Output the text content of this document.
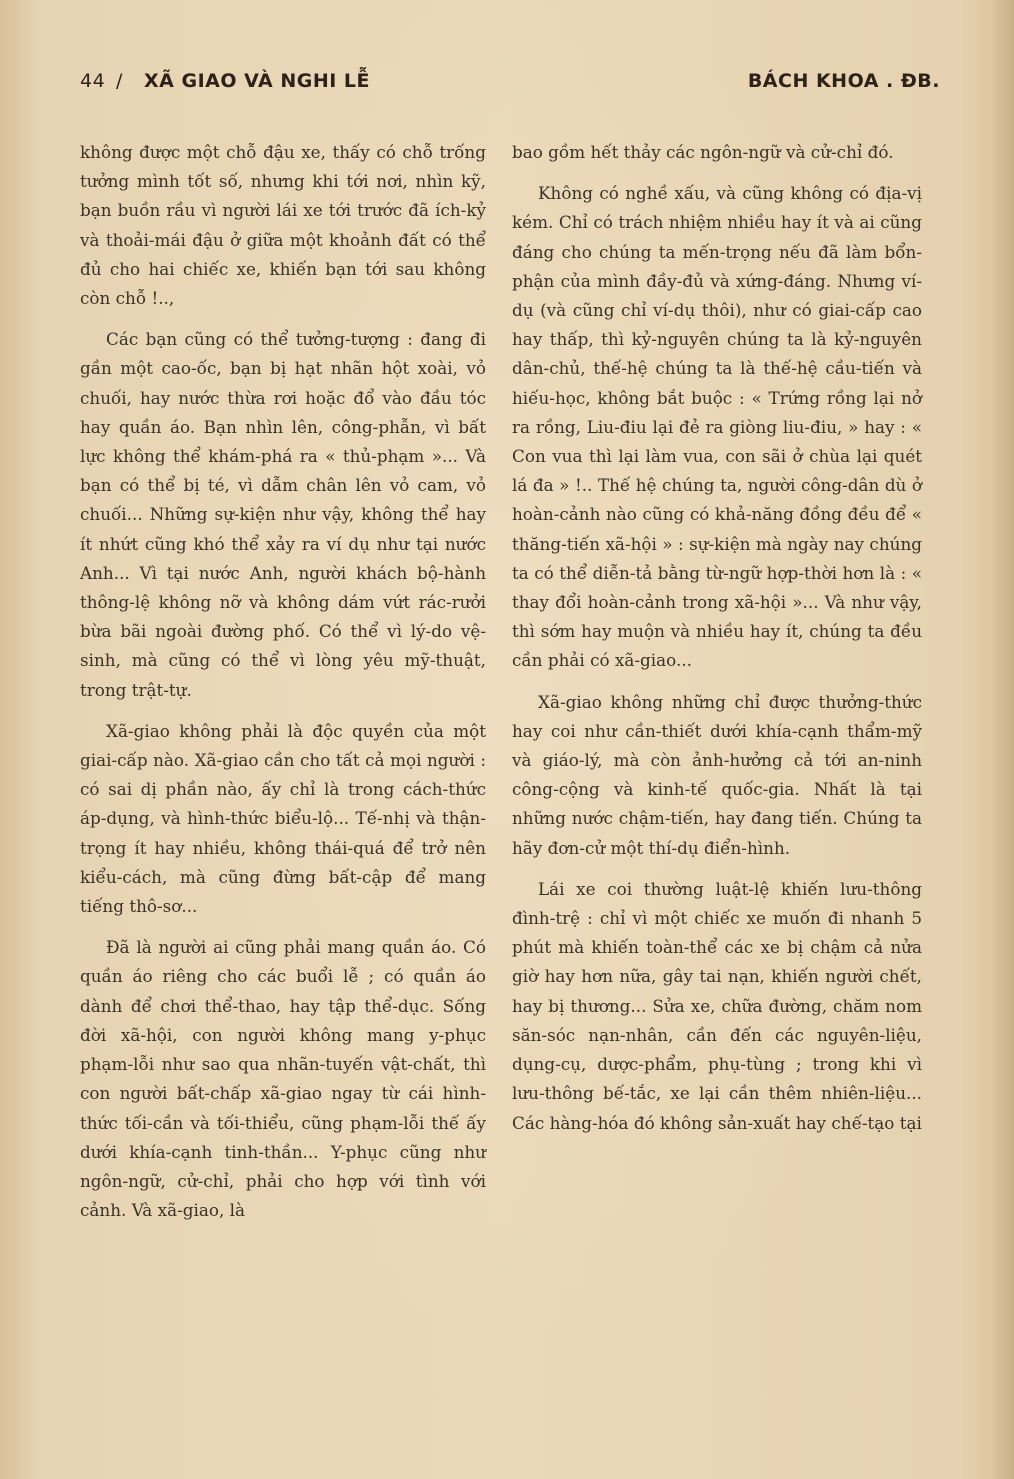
44 / XÃ GIAO VÀ NGHI LỄ	BÁCH KHOA . ĐB.

không được một chỗ đậu xe, thấy có chỗ trống tưởng mình tốt số, nhưng khi tới nơi, nhìn kỹ, bạn buồn rầu vì người lái xe tới trước đã ích-kỷ và thoải-mái đậu ở giữa một khoảnh đất có thể đủ cho hai chiếc xe, khiến bạn tới sau không còn chỗ !..,

Các bạn cũng có thể tưởng-tượng : đang đi gần một cao-ốc, bạn bị hạt nhãn hột xoài, vỏ chuối, hay nước thừa rơi hoặc đổ vào đầu tóc hay quần áo. Bạn nhìn lên, công-phẫn, vì bất lực không thể khám-phá ra « thủ-phạm »... Và bạn có thể bị té, vì dẫm chân lên vỏ cam, vỏ chuối... Những sự-kiện như vậy, không thể hay ít nhứt cũng khó thể xảy ra ví dụ như tại nước Anh... Vì tại nước Anh, người khách bộ-hành thông-lệ không nỡ và không dám vứt rác-rưởi bừa bãi ngoài đường phố. Có thể vì lý-do vệ-sinh, mà cũng có thể vì lòng yêu mỹ-thuật, trong trật-tự.

Xã-giao không phải là độc quyền của một giai-cấp nào. Xã-giao cần cho tất cả mọi người : có sai dị phần nào, ấy chỉ là trong cách-thức áp-dụng, và hình-thức biểu-lộ... Tế-nhị và thận-trọng ít hay nhiều, không thái-quá để trở nên kiểu-cách, mà cũng đừng bất-cập để mang tiếng thô-sơ...

Đã là người ai cũng phải mang quần áo. Có quần áo riêng cho các buổi lễ ; có quần áo dành để chơi thể-thao, hay tập thể-dục. Sống đời xã-hội, con người không mang y-phục phạm-lỗi như sao qua nhãn-tuyến vật-chất, thì con người bất-chấp xã-giao ngay từ cái hình-thức tối-cần và tối-thiểu, cũng phạm-lỗi thế ấy dưới khía-cạnh tinh-thần... Y-phục cũng như ngôn-ngữ, cử-chỉ, phải cho hợp với tình với cảnh. Và xã-giao, là

bao gồm hết thảy các ngôn-ngữ và cử-chỉ đó.

Không có nghề xấu, và cũng không có địa-vị kém. Chỉ có trách nhiệm nhiều hay ít và ai cũng đáng cho chúng ta mến-trọng nếu đã làm bổn-phận của mình đầy-đủ và xứng-đáng. Nhưng ví-dụ (và cũng chỉ ví-dụ thôi), như có giai-cấp cao hay thấp, thì kỷ-nguyên chúng ta là kỷ-nguyên dân-chủ, thế-hệ chúng ta là thế-hệ cầu-tiến và hiếu-học, không bắt buộc : « Trứng rồng lại nở ra rồng, Liu-điu lại đẻ ra giòng liu-điu, » hay : « Con vua thì lại làm vua, con sãi ở chùa lại quét lá đa » !.. Thế hệ chúng ta, người công-dân dù ở hoàn-cảnh nào cũng có khả-năng đồng đều để « thăng-tiến xã-hội » : sự-kiện mà ngày nay chúng ta có thể diễn-tả bằng từ-ngữ hợp-thời hơn là : « thay đổi hoàn-cảnh trong xã-hội »... Và như vậy, thì sớm hay muộn và nhiều hay ít, chúng ta đều cần phải có xã-giao...

Xã-giao không những chỉ được thưởng-thức hay coi như cần-thiết dưới khía-cạnh thẩm-mỹ và giáo-lý, mà còn ảnh-hưởng cả tới an-ninh công-cộng và kinh-tế quốc-gia. Nhất là tại những nước chậm-tiến, hay đang tiến. Chúng ta hãy đơn-cử một thí-dụ điển-hình.

Lái xe coi thường luật-lệ khiến lưu-thông đình-trệ : chỉ vì một chiếc xe muốn đi nhanh 5 phút mà khiến toàn-thể các xe bị chậm cả nửa giờ hay hơn nữa, gây tai nạn, khiến người chết, hay bị thương... Sửa xe, chữa đường, chăm nom săn-sóc nạn-nhân, cần đến các nguyên-liệu, dụng-cụ, dược-phẩm, phụ-tùng ; trong khi vì lưu-thông bế-tắc, xe lại cần thêm nhiên-liệu... Các hàng-hóa đó không sản-xuất hay chế-tạo tại
